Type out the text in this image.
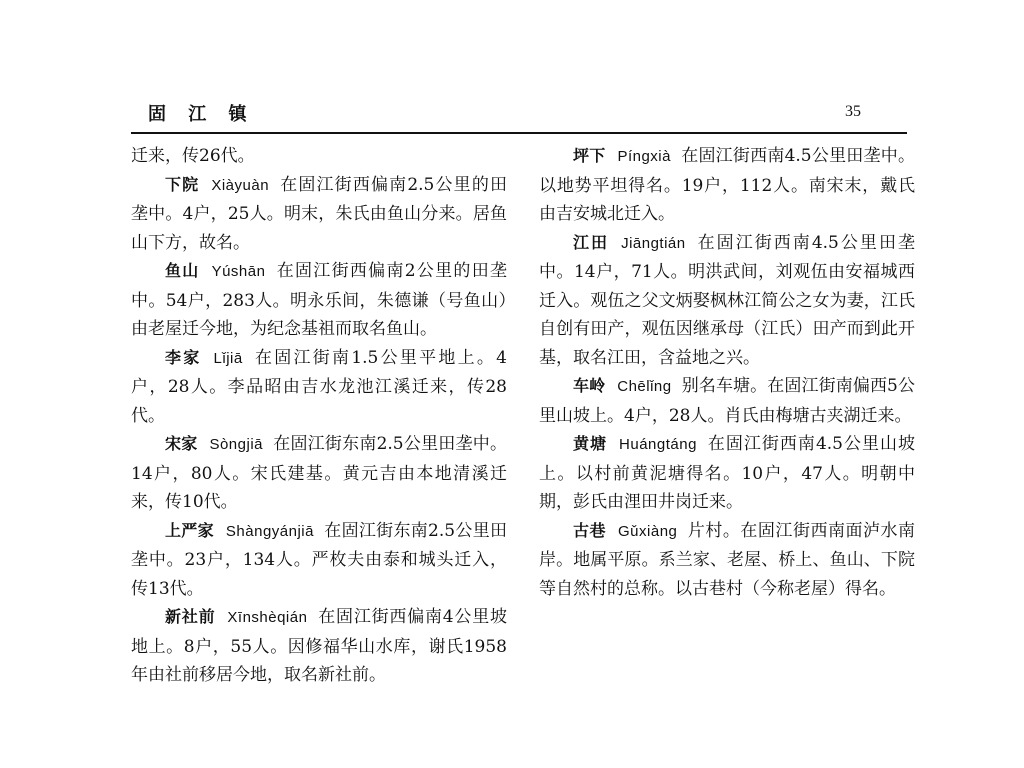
固 江 镇	35

迁来，传26代。

下院 Xiàyuàn 在固江街西偏南2.5公里的田垄中。4户，25人。明末，朱氏由鱼山分来。居鱼山下方，故名。

鱼山 Yúshān 在固江街西偏南2公里的田垄中。54户，283人。明永乐间，朱德谦（号鱼山）由老屋迁今地，为纪念基祖而取名鱼山。

李家 Lǐjiā 在固江街南1.5公里平地上。4户，28人。李品昭由吉水龙池江溪迁来，传28代。

宋家 Sòngjiā 在固江街东南2.5公里田垄中。14户，80人。宋氏建基。黄元吉由本地清溪迁来，传10代。

上严家 Shàngyánjiā 在固江街东南2.5公里田垄中。23户，134人。严枚夫由泰和城头迁入，传13代。

新社前 Xīnshèqián 在固江街西偏南4公里坡地上。8户，55人。因修福华山水库，谢氏1958年由社前移居今地，取名新社前。

坪下 Píngxià 在固江街西南4.5公里田垄中。以地势平坦得名。19户，112人。南宋末，戴氏由吉安城北迁入。

江田 Jiāngtián 在固江街西南4.5公里田垄中。14户，71人。明洪武间，刘观伍由安福城西迁入。观伍之父文炳娶枫林江简公之女为妻，江氏自创有田产，观伍因继承母（江氏）田产而到此开基，取名江田，含益地之兴。

车岭 Chēlǐng 别名车塘。在固江街南偏西5公里山坡上。4户，28人。肖氏由梅塘古夹湖迁来。

黄塘 Huángtáng 在固江街西南4.5公里山坡上。以村前黄泥塘得名。10户，47人。明朝中期，彭氏由浬田井岗迁来。

古巷 Gǔxiàng 片村。在固江街西南面泸水南岸。地属平原。系兰家、老屋、桥上、鱼山、下院等自然村的总称。以古巷村（今称老屋）得名。
